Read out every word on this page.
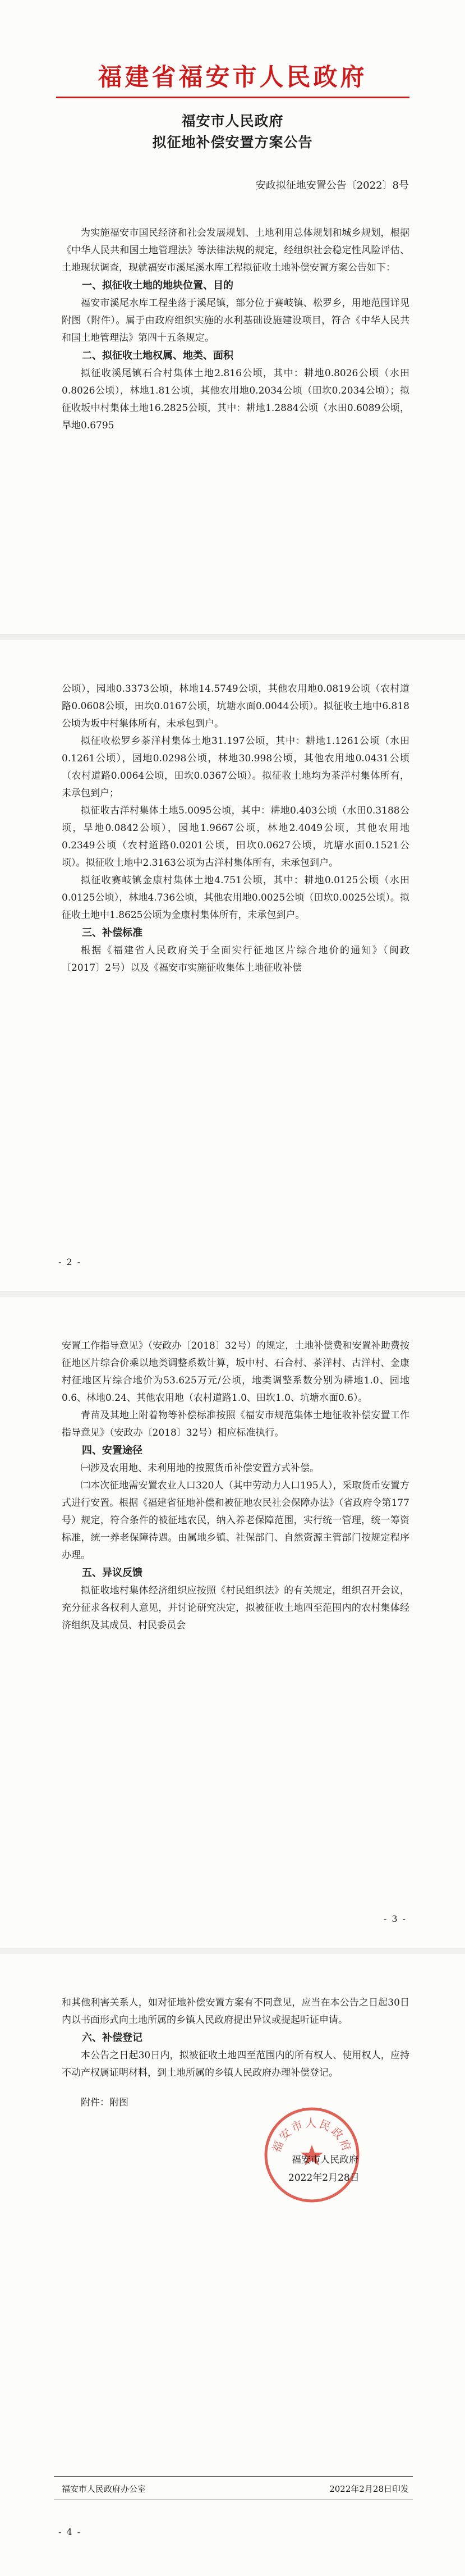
福建省福安市人民政府
福安市人民政府
拟征地补偿安置方案公告
安政拟征地安置公告〔2022〕8号

为实施福安市国民经济和社会发展规划、土地利用总体规划和城乡规划，根据《中华人民共和国土地管理法》等法律法规的规定，经组织社会稳定性风险评估、土地现状调查，现就福安市溪尾溪水库工程拟征收土地补偿安置方案公告如下：

一、拟征收土地的地块位置、目的

福安市溪尾水库工程坐落于溪尾镇，部分位于赛岐镇、松罗乡，用地范围详见附图（附件）。属于由政府组织实施的水利基础设施建设项目，符合《中华人民共和国土地管理法》第四十五条规定。

二、拟征收土地权属、地类、面积

拟征收溪尾镇石合村集体土地2.816公顷，其中：耕地0.8026公顷（水田0.8026公顷），林地1.81公顷，其他农用地0.2034公顷（田坎0.2034公顷）；拟征收坂中村集体土地16.2825公顷，其中：耕地1.2884公顷（水田0.6089公顷，旱地0.6795

公顷），园地0.3373公顷，林地14.5749公顷，其他农用地0.0819公顷（农村道路0.0608公顷，田坎0.0167公顷，坑塘水面0.0044公顷）。拟征收土地中6.818公顷为坂中村集体所有，未承包到户。

拟征收松罗乡茶洋村集体土地31.197公顷，其中：耕地1.1261公顷（水田0.1261公顷），园地0.0298公顷，林地30.998公顷，其他农用地0.0431公顷（农村道路0.0064公顷，田坎0.0367公顷）。拟征收土地均为茶洋村集体所有，未承包到户；

拟征收古洋村集体土地5.0095公顷，其中：耕地0.403公顷（水田0.3188公顷，旱地0.0842公顷），园地1.9667公顷，林地2.4049公顷，其他农用地0.2349公顷（农村道路0.0201公顷，田坎0.0627公顷，坑塘水面0.1521公顷）。拟征收土地中2.3163公顷为古洋村集体所有，未承包到户。

拟征收赛岐镇金康村集体土地4.751公顷，其中：耕地0.0125公顷（水田0.0125公顷），林地4.736公顷，其他农用地0.0025公顷（田坎0.0025公顷）。拟征收土地中1.8625公顷为金康村集体所有，未承包到户。

三、补偿标准

根据《福建省人民政府关于全面实行征地区片综合地价的通知》（闽政〔2017〕2号）以及《福安市实施征收集体土地征收补偿

- 2 -

安置工作指导意见》（安政办〔2018〕32号）的规定，土地补偿费和安置补助费按征地区片综合价乘以地类调整系数计算，坂中村、石合村、茶洋村、古洋村、金康村征地区片综合地价为53.625万元/公顷，地类调整系数分别为耕地1.0、园地0.6、林地0.24、其他农用地（农村道路1.0、田坎1.0、坑塘水面0.6）。

青苗及其地上附着物等补偿标准按照《福安市规范集体土地征收补偿安置工作指导意见》（安政办〔2018〕32号）相应标准执行。

四、安置途径

㈠涉及农用地、未利用地的按照货币补偿安置方式补偿。

㈡本次征地需安置农业人口320人（其中劳动力人口195人），采取货币安置方式进行安置。根据《福建省征地补偿和被征地农民社会保障办法》（省政府令第177号）规定，符合条件的被征地农民，纳入养老保障范围，实行统一管理，统一筹资标准，统一养老保障待遇。由属地乡镇、社保部门、自然资源主管部门按规定程序办理。

五、异议反馈

拟征收地村集体经济组织应按照《村民组织法》的有关规定，组织召开会议，充分征求各权利人意见，并讨论研究决定，拟被征收土地四至范围内的农村集体经济组织及其成员、村民委员会

- 3 -

和其他利害关系人，如对征地补偿安置方案有不同意见，应当在本公告之日起30日内以书面形式向土地所属的乡镇人民政府提出异议或提起听证申请。

六、补偿登记

本公告之日起30日内，拟被征收土地四至范围内的所有权人、使用权人，应持不动产权属证明材料，到土地所属的乡镇人民政府办理补偿登记。

附件：附图

福安市人民政府
福安市人民政府
2022年2月28日
福安市人民政府办公室	2022年2月28日印发
- 4 -
